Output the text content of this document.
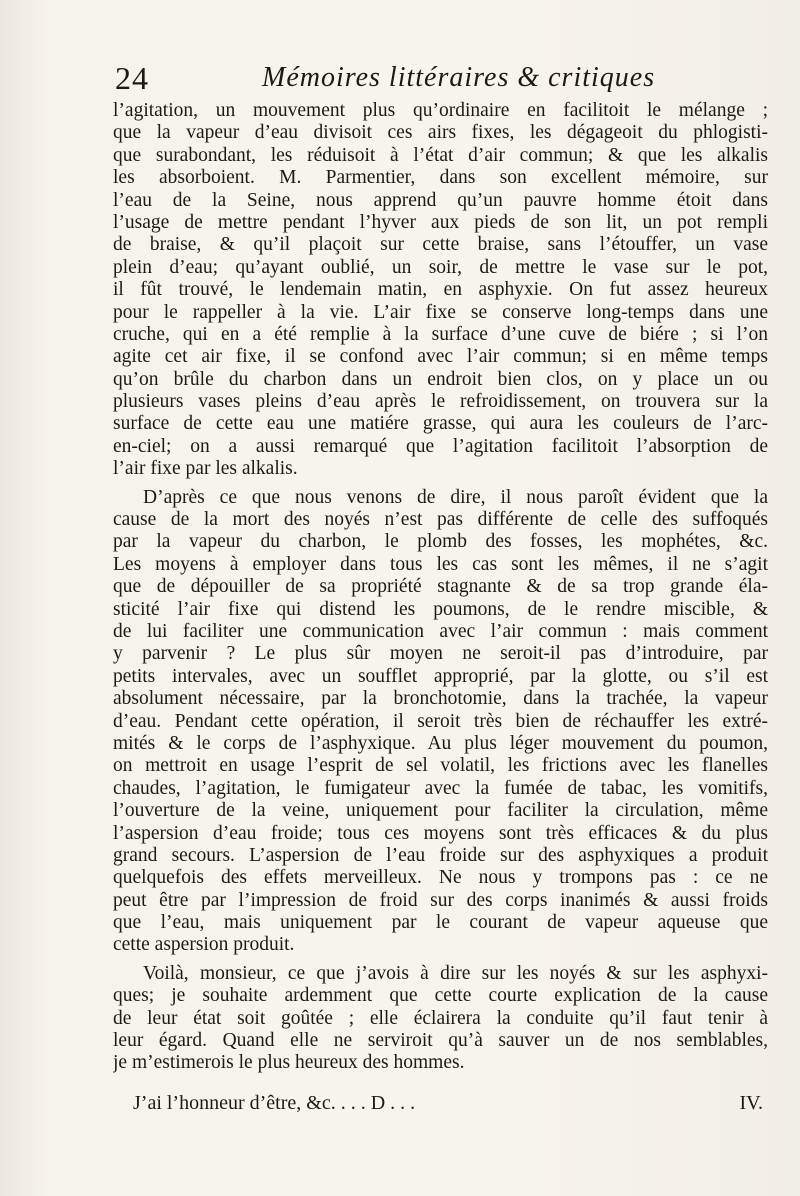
24	Mémoires littéraires & critiques
l’agitation, un mouvement plus qu’ordinaire en facilitoit le mélange ;
que la vapeur d’eau divisoit ces airs fixes, les dégageoit du phlogisti-
que surabondant, les réduisoit à l’état d’air commun; & que les alkalis
les absorboient. M. Parmentier, dans son excellent mémoire, sur
l’eau de la Seine, nous apprend qu’un pauvre homme étoit dans
l’usage de mettre pendant l’hyver aux pieds de son lit, un pot rempli
de braise, & qu’il plaçoit sur cette braise, sans l’étouffer, un vase
plein d’eau; qu’ayant oublié, un soir, de mettre le vase sur le pot,
il fût trouvé, le lendemain matin, en asphyxie. On fut assez heureux
pour le rappeller à la vie. L’air fixe se conserve long-temps dans une
cruche, qui en a été remplie à la surface d’une cuve de biére ; si l’on
agite cet air fixe, il se confond avec l’air commun; si en même temps
qu’on brûle du charbon dans un endroit bien clos, on y place un ou
plusieurs vases pleins d’eau après le refroidissement, on trouvera sur la
surface de cette eau une matiére grasse, qui aura les couleurs de l’arc-
en-ciel; on a aussi remarqué que l’agitation facilitoit l’absorption de
l’air fixe par les alkalis.
D’après ce que nous venons de dire, il nous paroît évident que la
cause de la mort des noyés n’est pas différente de celle des suffoqués
par la vapeur du charbon, le plomb des fosses, les mophétes, &c.
Les moyens à employer dans tous les cas sont les mêmes, il ne s’agit
que de dépouiller de sa propriété stagnante & de sa trop grande éla-
sticité l’air fixe qui distend les poumons, de le rendre miscible, &
de lui faciliter une communication avec l’air commun : mais comment
y parvenir ? Le plus sûr moyen ne seroit-il pas d’introduire, par
petits intervales, avec un soufflet approprié, par la glotte, ou s’il est
absolument nécessaire, par la bronchotomie, dans la trachée, la vapeur
d’eau. Pendant cette opération, il seroit très bien de réchauffer les extré-
mités & le corps de l’asphyxique. Au plus léger mouvement du poumon,
on mettroit en usage l’esprit de sel volatil, les frictions avec les flanelles
chaudes, l’agitation, le fumigateur avec la fumée de tabac, les vomitifs,
l’ouverture de la veine, uniquement pour faciliter la circulation, même
l’aspersion d’eau froide; tous ces moyens sont très efficaces & du plus
grand secours. L’aspersion de l’eau froide sur des asphyxiques a produit
quelquefois des effets merveilleux. Ne nous y trompons pas : ce ne
peut être par l’impression de froid sur des corps inanimés & aussi froids
que l’eau, mais uniquement par le courant de vapeur aqueuse que
cette aspersion produit.
Voilà, monsieur, ce que j’avois à dire sur les noyés & sur les asphyxi-
ques; je souhaite ardemment que cette courte explication de la cause
de leur état soit goûtée ; elle éclairera la conduite qu’il faut tenir à
leur égard. Quand elle ne serviroit qu’à sauver un de nos semblables,
je m’estimerois le plus heureux des hommes.
J’ai l’honneur d’être, &c. . . . D . . .	IV.
